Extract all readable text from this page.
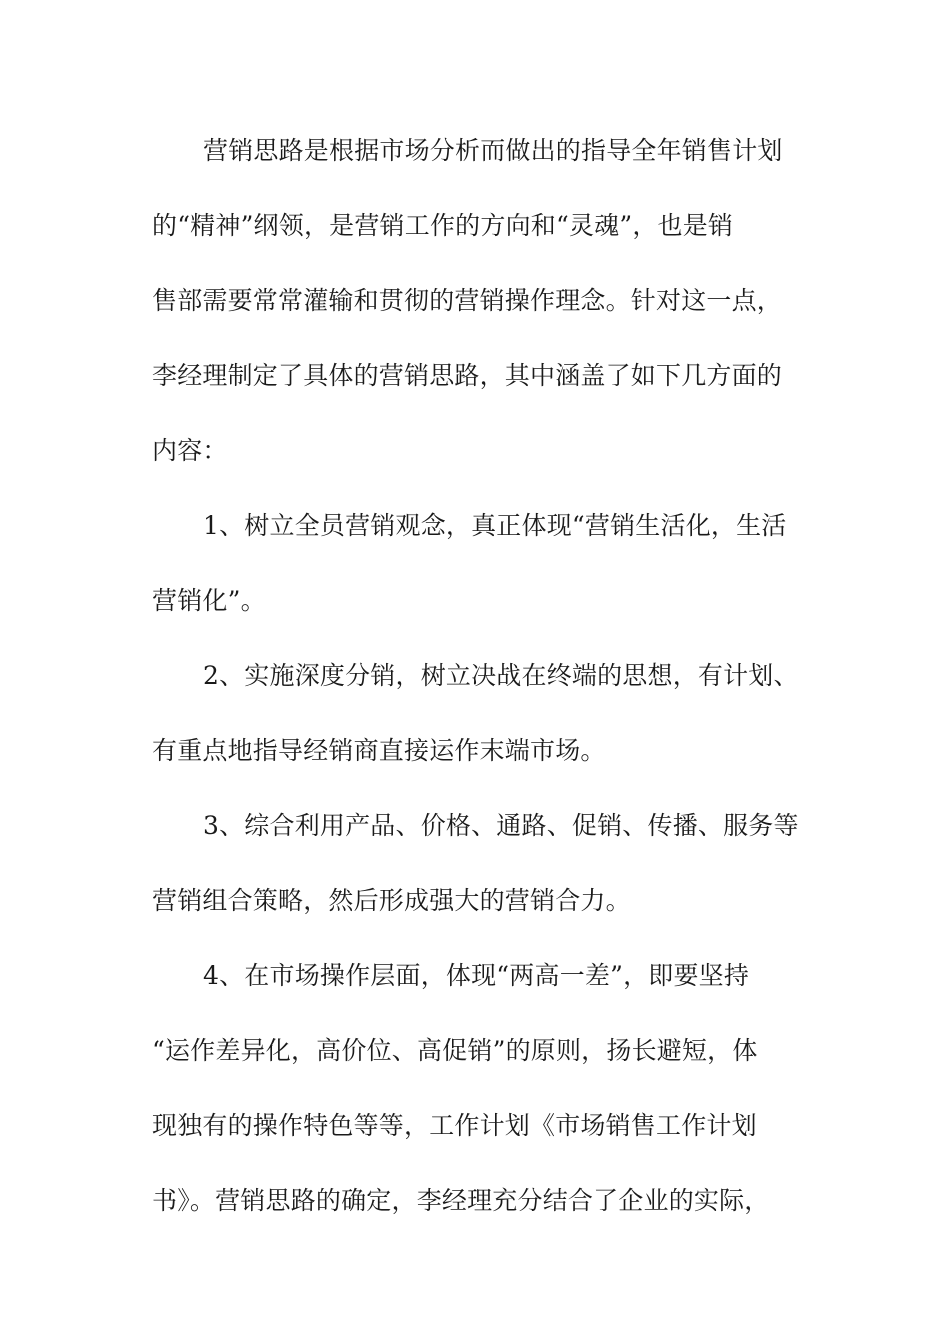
营销思路是根据市场分析而做出的指导全年销售计划
的“精神”纲领，是营销工作的方向和“灵魂”，也是销
售部需要常常灌输和贯彻的营销操作理念。针对这一点，
李经理制定了具体的营销思路，其中涵盖了如下几方面的
内容：
1、树立全员营销观念，真正体现“营销生活化，生活
营销化”。
2、实施深度分销，树立决战在终端的思想，有计划、
有重点地指导经销商直接运作末端市场。
3、综合利用产品、价格、通路、促销、传播、服务等
营销组合策略，然后形成强大的营销合力。
4、在市场操作层面，体现“两高一差”，即要坚持
“运作差异化，高价位、高促销”的原则，扬长避短，体
现独有的操作特色等等，工作计划《市场销售工作计划
书》。营销思路的确定，李经理充分结合了企业的实际，
